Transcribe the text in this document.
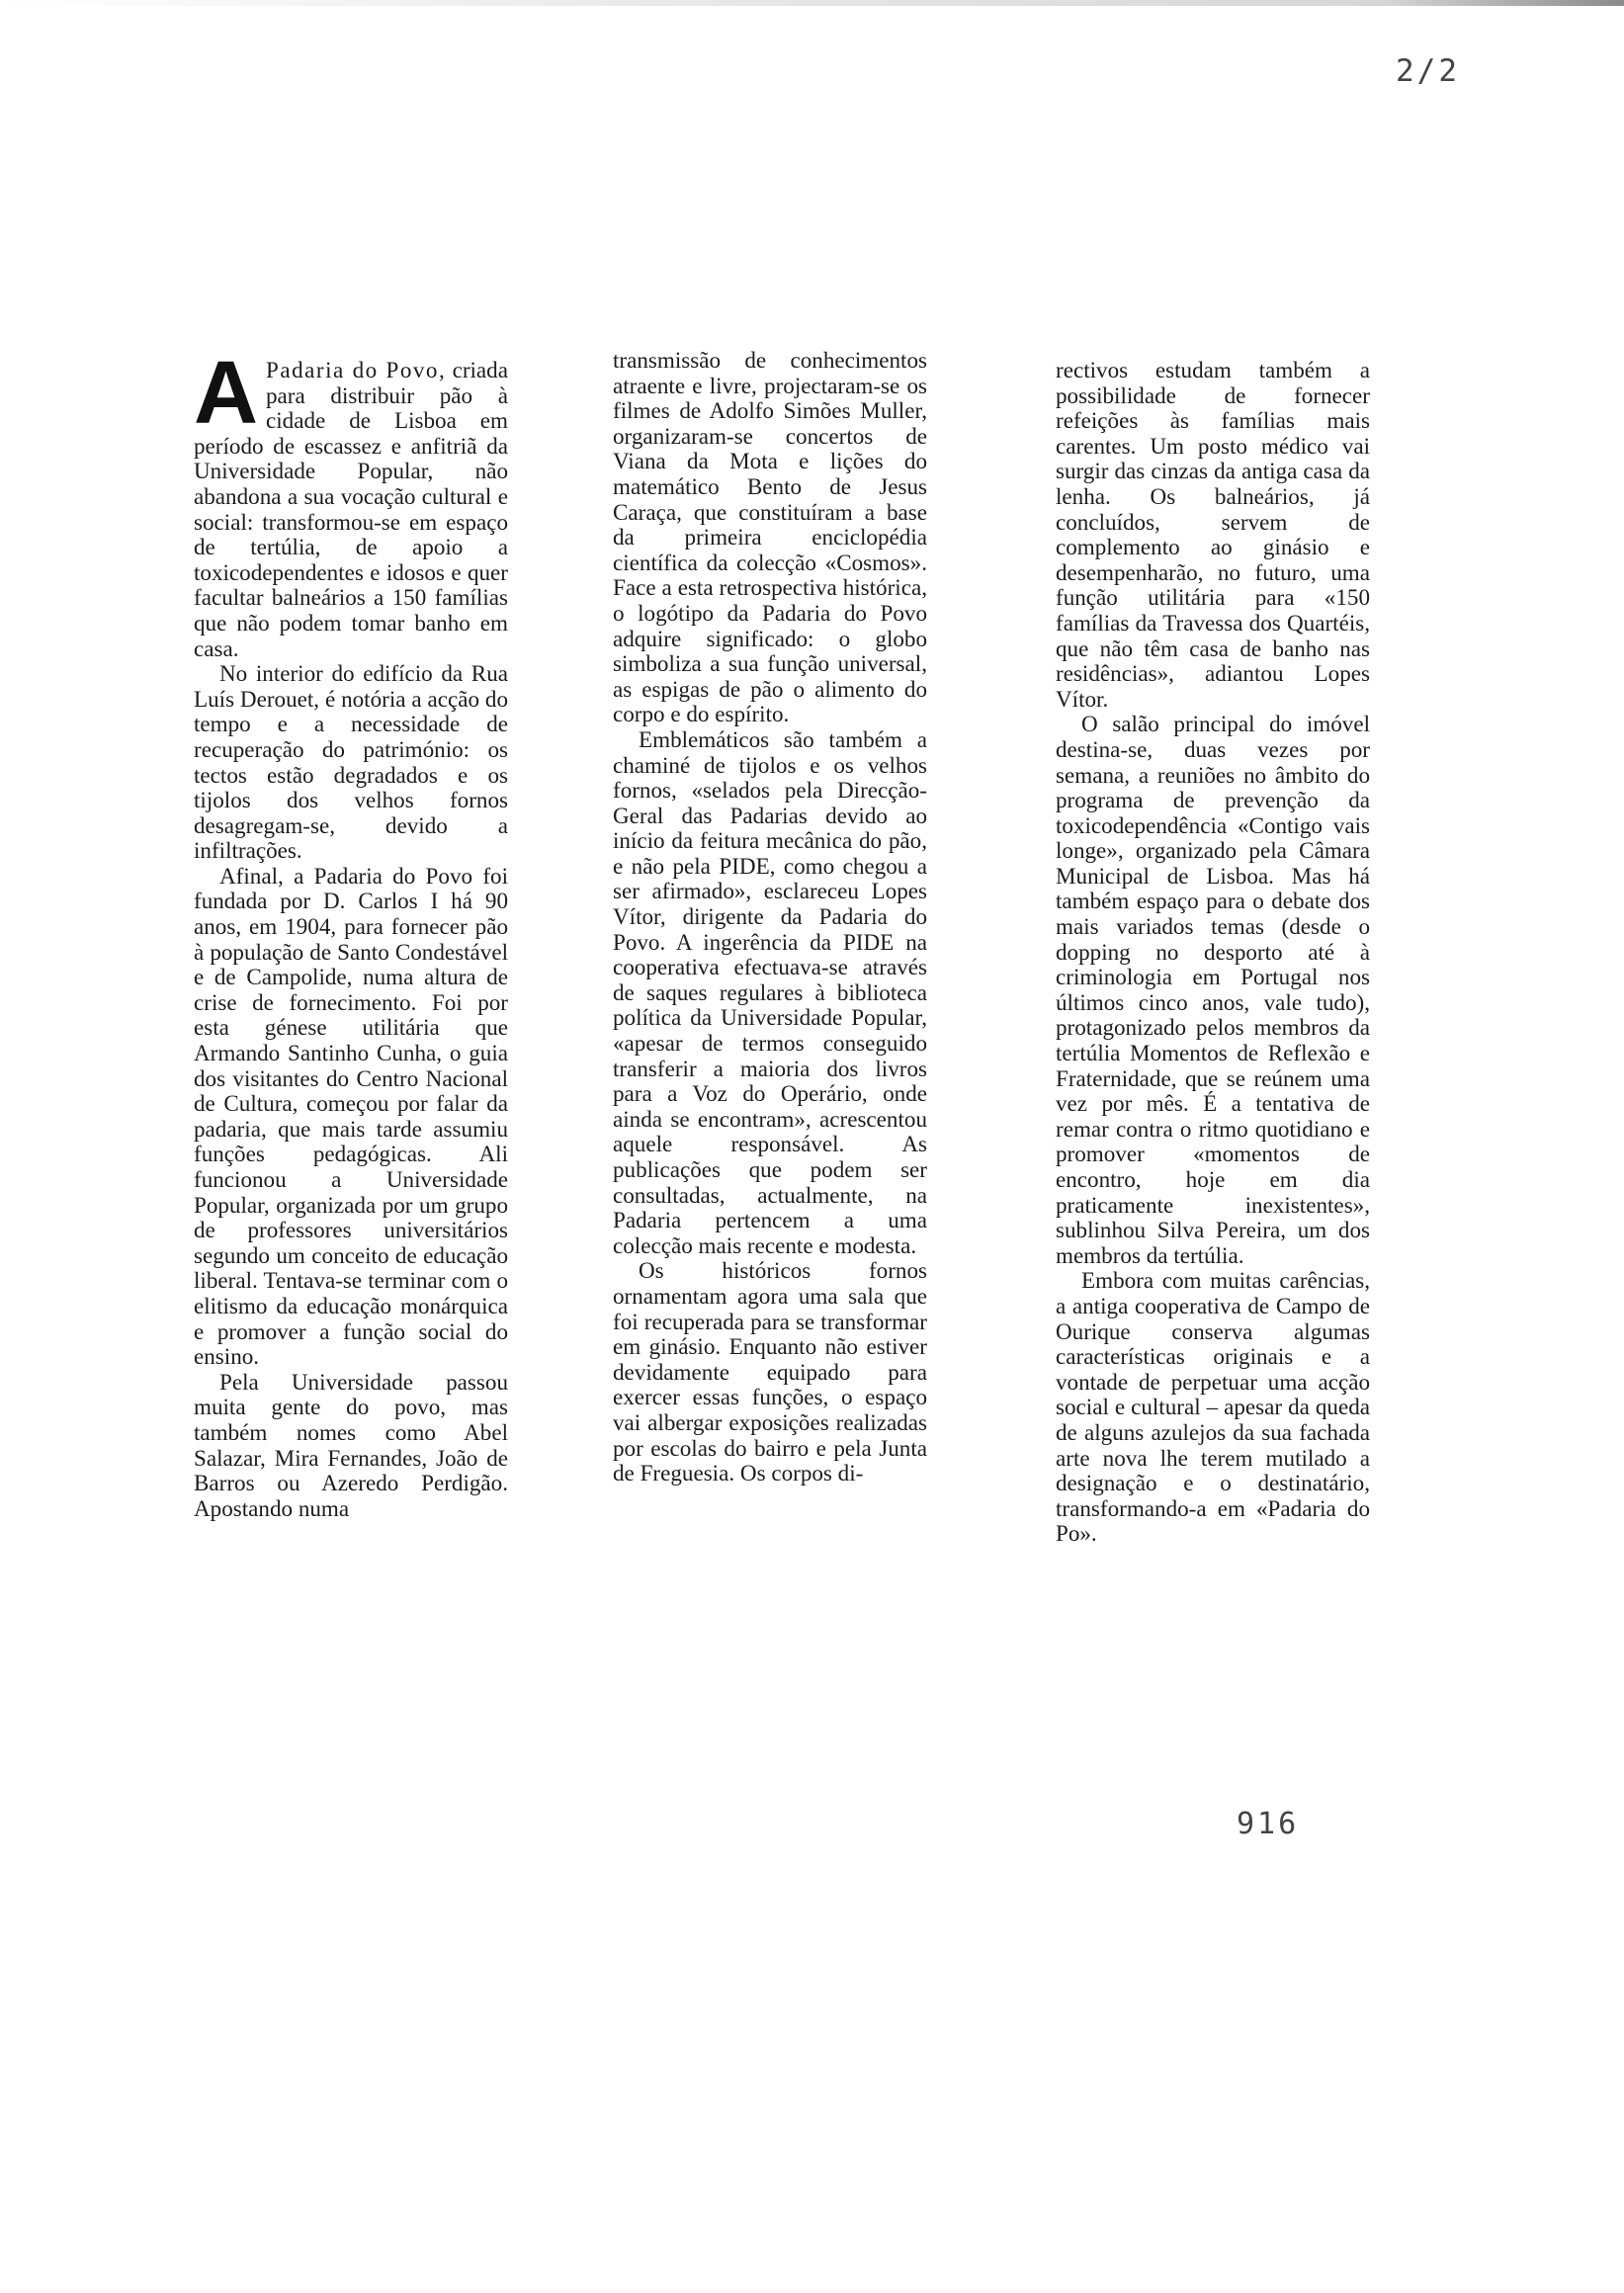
2/2

A Padaria do Povo, criada para distribuir pão à cidade de Lisboa em período de escassez e anfitriã da Universidade Popular, não abandona a sua vocação cultural e social: transformou-se em espaço de tertúlia, de apoio a toxicodependentes e idosos e quer facultar balneários a 150 famílias que não podem tomar banho em casa.

No interior do edifício da Rua Luís Derouet, é notória a acção do tempo e a necessidade de recuperação do património: os tectos estão degradados e os tijolos dos velhos fornos desagregam-se, devido a infiltrações.

Afinal, a Padaria do Povo foi fundada por D. Carlos I há 90 anos, em 1904, para fornecer pão à população de Santo Condestável e de Campolide, numa altura de crise de fornecimento. Foi por esta génese utilitária que Armando Santinho Cunha, o guia dos visitantes do Centro Nacional de Cultura, começou por falar da padaria, que mais tarde assumiu funções pedagógicas. Ali funcionou a Universidade Popular, organizada por um grupo de professores universitários segundo um conceito de educação liberal. Tentava-se terminar com o elitismo da educação monárquica e promover a função social do ensino.

Pela Universidade passou muita gente do povo, mas também nomes como Abel Salazar, Mira Fernandes, João de Barros ou Azeredo Perdigão. Apostando numa

transmissão de conhecimentos atraente e livre, projectaram-se os filmes de Adolfo Simões Muller, organizaram-se concertos de Viana da Mota e lições do matemático Bento de Jesus Caraça, que constituíram a base da primeira enciclopédia científica da colecção «Cosmos». Face a esta retrospectiva histórica, o logótipo da Padaria do Povo adquire significado: o globo simboliza a sua função universal, as espigas de pão o alimento do corpo e do espírito.

Emblemáticos são também a chaminé de tijolos e os velhos fornos, «selados pela Direcção-Geral das Padarias devido ao início da feitura mecânica do pão, e não pela PIDE, como chegou a ser afirmado», esclareceu Lopes Vítor, dirigente da Padaria do Povo. A ingerência da PIDE na cooperativa efectuava-se através de saques regulares à biblioteca política da Universidade Popular, «apesar de termos conseguido transferir a maioria dos livros para a Voz do Operário, onde ainda se encontram», acrescentou aquele responsável. As publicações que podem ser consultadas, actualmente, na Padaria pertencem a uma colecção mais recente e modesta.

Os históricos fornos ornamentam agora uma sala que foi recuperada para se transformar em ginásio. Enquanto não estiver devidamente equipado para exercer essas funções, o espaço vai albergar exposições realizadas por escolas do bairro e pela Junta de Freguesia. Os corpos di-

rectivos estudam também a possibilidade de fornecer refeições às famílias mais carentes. Um posto médico vai surgir das cinzas da antiga casa da lenha. Os balneários, já concluídos, servem de complemento ao ginásio e desempenharão, no futuro, uma função utilitária para «150 famílias da Travessa dos Quartéis, que não têm casa de banho nas residências», adiantou Lopes Vítor.

O salão principal do imóvel destina-se, duas vezes por semana, a reuniões no âmbito do programa de prevenção da toxicodependência «Contigo vais longe», organizado pela Câmara Municipal de Lisboa. Mas há também espaço para o debate dos mais variados temas (desde o dopping no desporto até à criminologia em Portugal nos últimos cinco anos, vale tudo), protagonizado pelos membros da tertúlia Momentos de Reflexão e Fraternidade, que se reúnem uma vez por mês. É a tentativa de remar contra o ritmo quotidiano e promover «momentos de encontro, hoje em dia praticamente inexistentes», sublinhou Silva Pereira, um dos membros da tertúlia.

Embora com muitas carências, a antiga cooperativa de Campo de Ourique conserva algumas características originais e a vontade de perpetuar uma acção social e cultural – apesar da queda de alguns azulejos da sua fachada arte nova lhe terem mutilado a designação e o destinatário, transformando-a em «Padaria do Po».

916
